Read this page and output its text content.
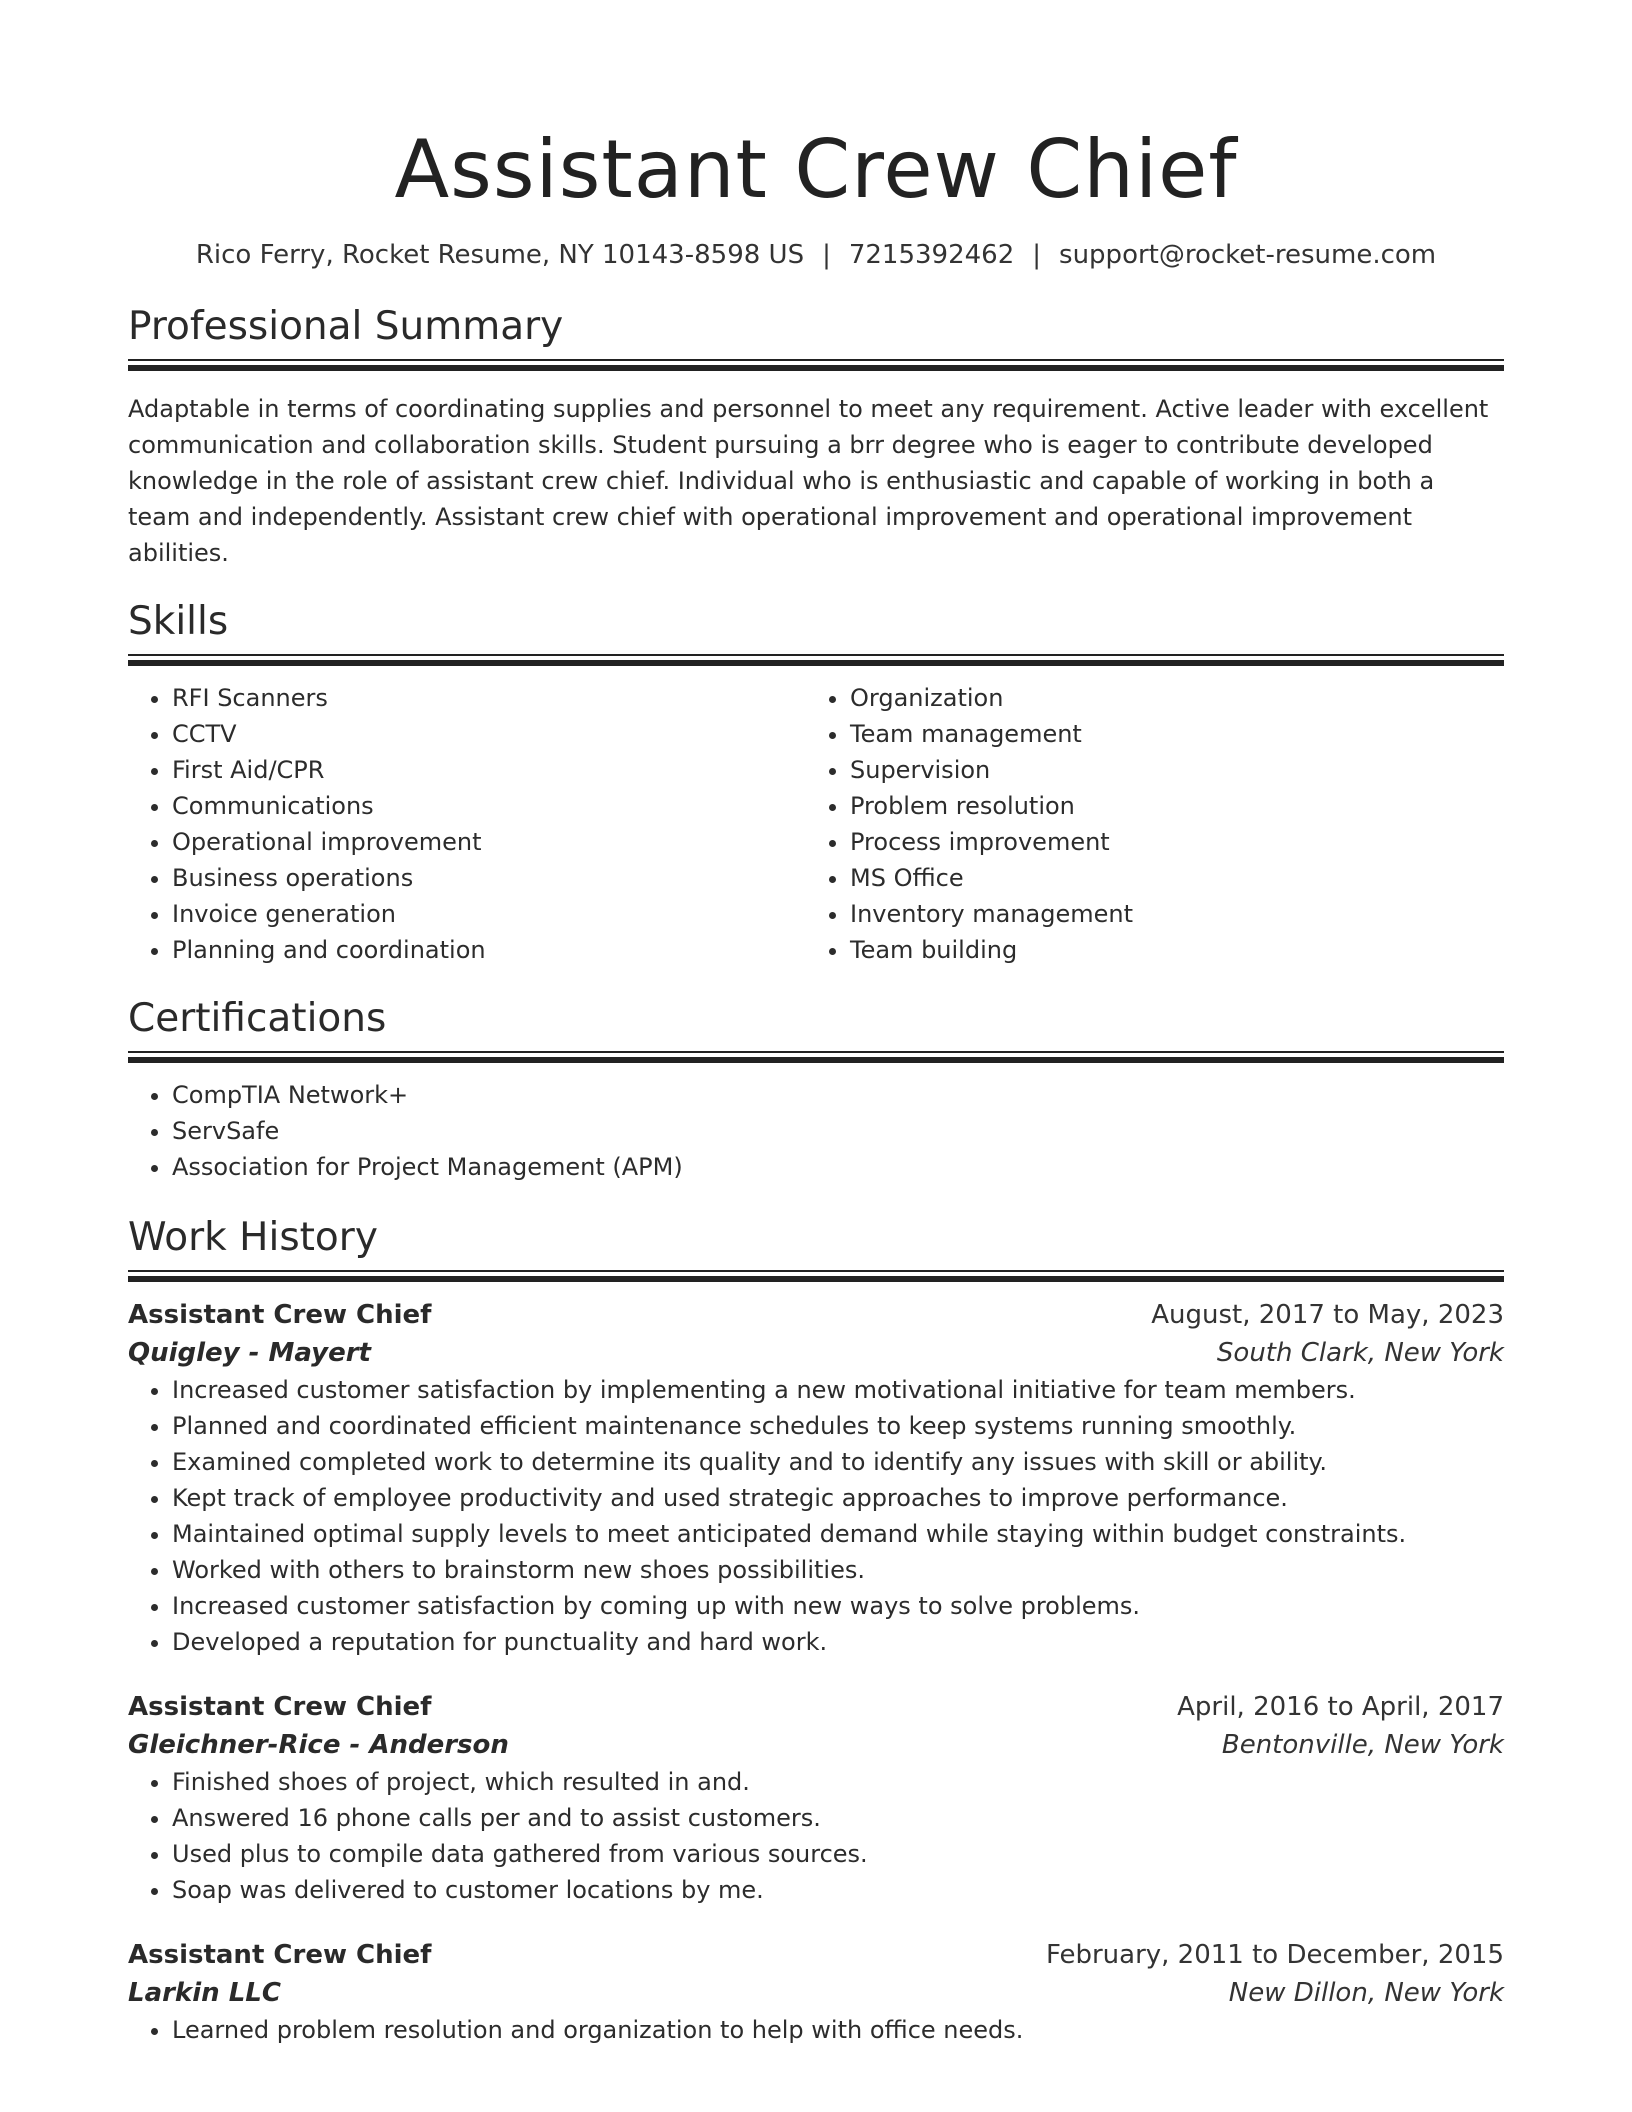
Assistant Crew Chief
Rico Ferry, Rocket Resume, NY 10143-8598 US | 7215392462 | support@rocket-resume.com
Professional Summary

Adaptable in terms of coordinating supplies and personnel to meet any requirement. Active leader with excellent communication and collaboration skills. Student pursuing a brr degree who is eager to contribute developed knowledge in the role of assistant crew chief. Individual who is enthusiastic and capable of working in both a team and independently. Assistant crew chief with operational improvement and operational improvement abilities.

Skills
• RFI Scanners
• CCTV
• First Aid/CPR
• Communications
• Operational improvement
• Business operations
• Invoice generation
• Planning and coordination
• Organization
• Team management
• Supervision
• Problem resolution
• Process improvement
• MS Office
• Inventory management
• Team building
Certifications
• CompTIA Network+
• ServSafe
• Association for Project Management (APM)
Work History
Assistant Crew Chief	August, 2017 to May, 2023
Quigley - Mayert	South Clark, New York
• Increased customer satisfaction by implementing a new motivational initiative for team members.
• Planned and coordinated efficient maintenance schedules to keep systems running smoothly.
• Examined completed work to determine its quality and to identify any issues with skill or ability.
• Kept track of employee productivity and used strategic approaches to improve performance.
• Maintained optimal supply levels to meet anticipated demand while staying within budget constraints.
• Worked with others to brainstorm new shoes possibilities.
• Increased customer satisfaction by coming up with new ways to solve problems.
• Developed a reputation for punctuality and hard work.
Assistant Crew Chief	April, 2016 to April, 2017
Gleichner-Rice - Anderson	Bentonville, New York
• Finished shoes of project, which resulted in and.
• Answered 16 phone calls per and to assist customers.
• Used plus to compile data gathered from various sources.
• Soap was delivered to customer locations by me.
Assistant Crew Chief	February, 2011 to December, 2015
Larkin LLC	New Dillon, New York
• Learned problem resolution and organization to help with office needs.
